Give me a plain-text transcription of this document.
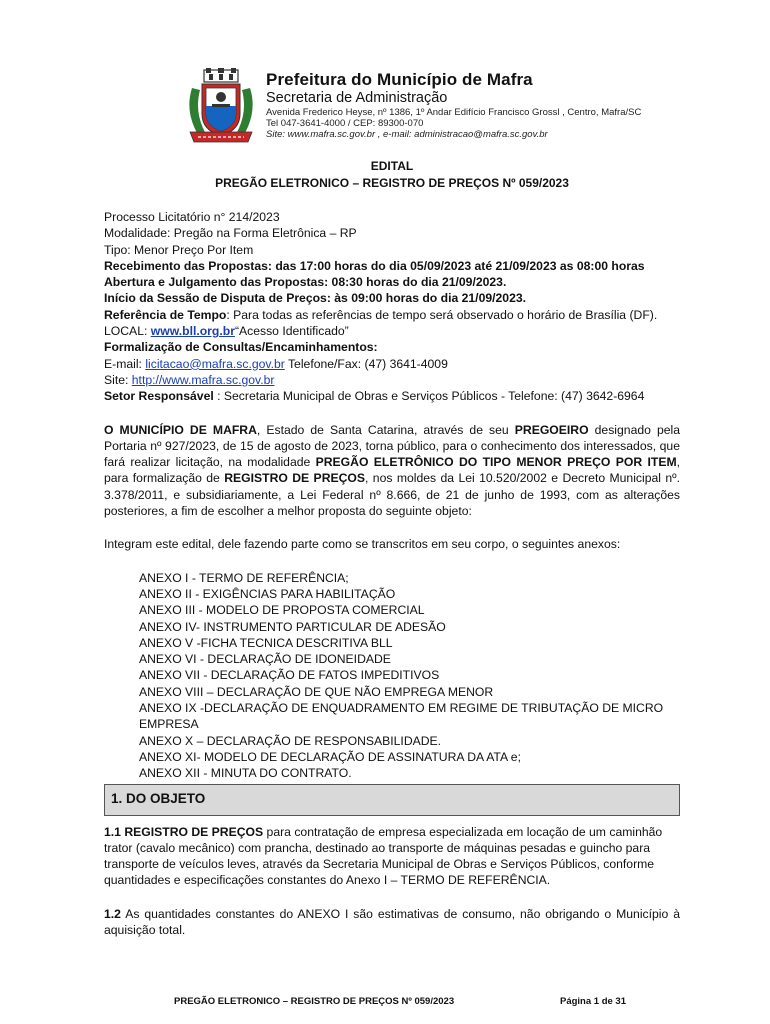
Prefeitura do Município de Mafra
Secretaria de Administração
Avenida Frederico Heyse, nº 1386, 1º Andar Edifício Francisco Grossl , Centro, Mafra/SC
Tel 047-3641-4000 / CEP: 89300-070
Site: www.mafra.sc.gov.br , e-mail: administracao@mafra.sc.gov.br
EDITAL
PREGÃO ELETRONICO – REGISTRO DE PREÇOS Nº 059/2023
Processo Licitatório n° 214/2023
Modalidade: Pregão na Forma Eletrônica – RP
Tipo: Menor Preço Por Item
Recebimento das Propostas: das 17:00 horas do dia 05/09/2023 até 21/09/2023 as 08:00 horas
Abertura e Julgamento das Propostas: 08:30 horas do dia 21/09/2023.
Início da Sessão de Disputa de Preços: às 09:00 horas do dia 21/09/2023.
Referência de Tempo: Para todas as referências de tempo será observado o horário de Brasília (DF).
LOCAL: www.bll.org.br“Acesso Identificado”
Formalização de Consultas/Encaminhamentos:
E-mail: licitacao@mafra.sc.gov.br Telefone/Fax: (47) 3641-4009
Site: http://www.mafra.sc.gov.br
Setor Responsável : Secretaria Municipal de Obras e Serviços Públicos - Telefone: (47) 3642-6964
O MUNICÍPIO DE MAFRA, Estado de Santa Catarina, através de seu PREGOEIRO designado pela Portaria nº 927/2023, de 15 de agosto de 2023, torna público, para o conhecimento dos interessados, que fará realizar licitação, na modalidade PREGÃO ELETRÔNICO DO TIPO MENOR PREÇO POR ITEM, para formalização de REGISTRO DE PREÇOS, nos moldes da Lei 10.520/2002 e Decreto Municipal nº. 3.378/2011, e subsidiariamente, a Lei Federal nº 8.666, de 21 de junho de 1993, com as alterações posteriores, a fim de escolher a melhor proposta do seguinte objeto:
Integram este edital, dele fazendo parte como se transcritos em seu corpo, o seguintes anexos:
ANEXO I - TERMO DE REFERÊNCIA;
ANEXO II - EXIGÊNCIAS PARA HABILITAÇÃO
ANEXO III - MODELO DE PROPOSTA COMERCIAL
ANEXO IV- INSTRUMENTO PARTICULAR DE ADESÃO
ANEXO V -FICHA TECNICA DESCRITIVA BLL
ANEXO VI - DECLARAÇÃO DE IDONEIDADE
ANEXO VII - DECLARAÇÃO DE FATOS IMPEDITIVOS
ANEXO VIII – DECLARAÇÃO DE QUE NÃO EMPREGA MENOR
ANEXO IX -DECLARAÇÃO DE ENQUADRAMENTO EM REGIME DE TRIBUTAÇÃO DE MICRO EMPRESA
ANEXO X – DECLARAÇÃO DE RESPONSABILIDADE.
ANEXO XI- MODELO DE DECLARAÇÃO DE ASSINATURA DA ATA e;
ANEXO XII - MINUTA DO CONTRATO.
1. DO OBJETO
1.1 REGISTRO DE PREÇOS para contratação de empresa especializada em locação de um caminhão trator (cavalo mecânico) com prancha, destinado ao transporte de máquinas pesadas e guincho para transporte de veículos leves, através da Secretaria Municipal de Obras e Serviços Públicos, conforme quantidades e especificações constantes do Anexo I – TERMO DE REFERÊNCIA.
1.2 As quantidades constantes do ANEXO I são estimativas de consumo, não obrigando o Município à aquisição total.
PREGÃO ELETRONICO – REGISTRO DE PREÇOS Nº 059/2023	Página 1 de 31
